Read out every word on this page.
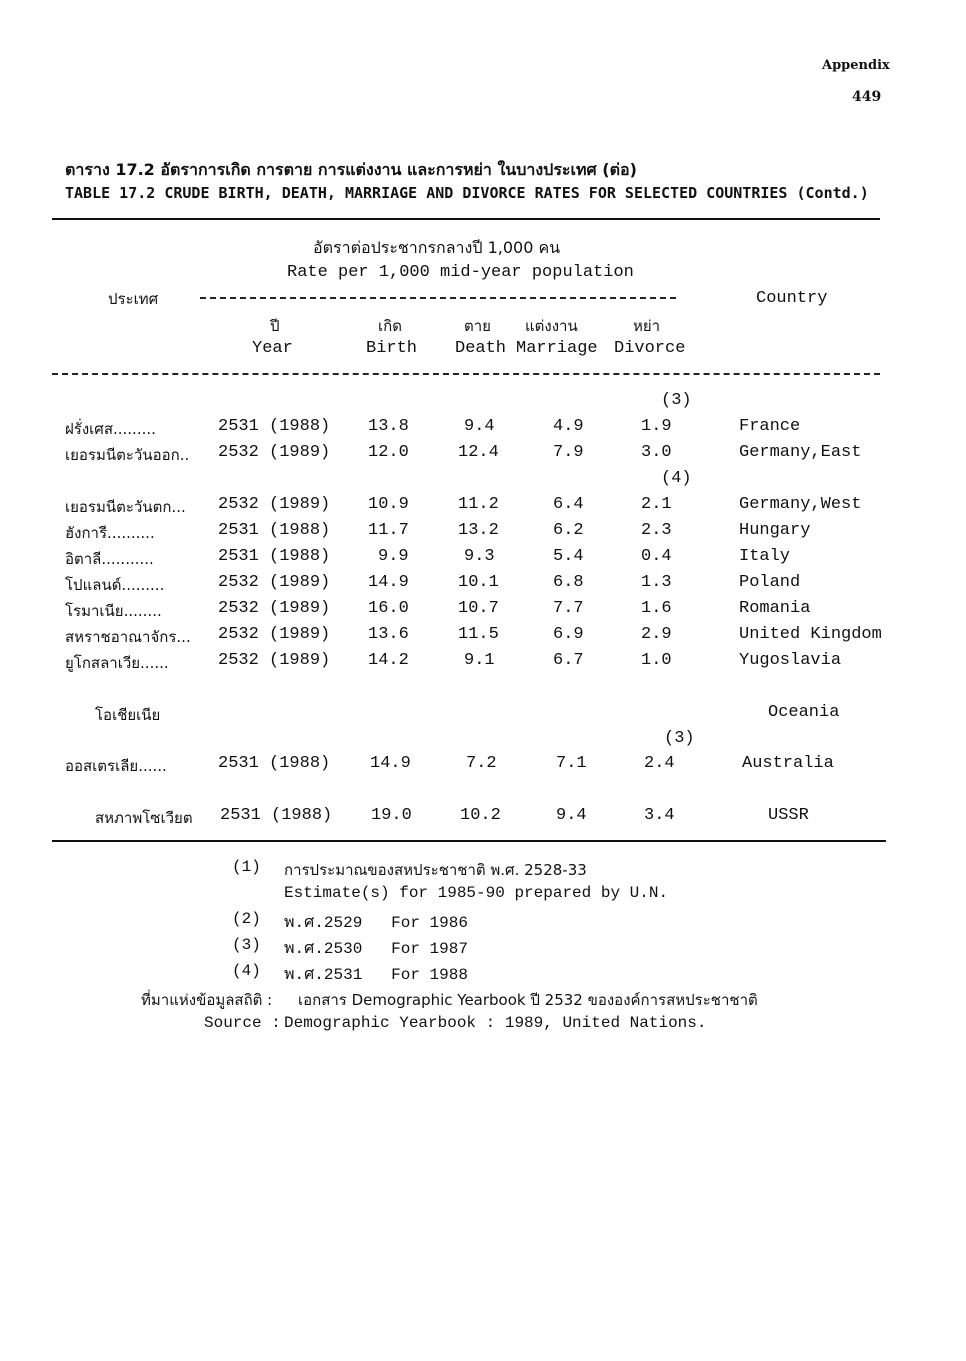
Appendix
449
ตาราง 17.2 อัตราการเกิด การตาย การแต่งงาน และการหย่า ในบางประเทศ (ต่อ)
TABLE 17.2 CRUDE BIRTH, DEATH, MARRIAGE AND DIVORCE RATES FOR SELECTED COUNTRIES (Contd.)
อัตราต่อประชากรกลางปี 1,000 คน
Rate per 1,000 mid-year population
ประเทศ	Country
ปี	เกิด	ตาย แต่งงาน	หย่า
Year	Birth Death Marriage Divorce
(3)
ฝรั่งเศส.........	2531 (1988) 13.8	9.4	4.9	1.9	France
เยอรมนีตะวันออก.. 2532 (1989) 12.0	12.4	7.9	3.0	Germany,East
(4)
เยอรมนีตะวันตก... 2532 (1989) 10.9	11.2	6.4	2.1	Germany,West
ฮังการี..........	2531 (1988) 11.7	13.2	6.2	2.3	Hungary
อิตาลี...........	2531 (1988)	9.9	9.3	5.4	0.4	Italy
โปแลนด์.........	2532 (1989) 14.9	10.1	6.8	1.3	Poland
โรมาเนีย........	2532 (1989) 16.0	10.7	7.7	1.6	Romania
สหราชอาณาจักร... 2532 (1989) 13.6	11.5	6.9	2.9	United Kingdom
ยูโกสลาเวีย......	2532 (1989) 14.2	9.1	6.7	1.0	Yugoslavia
โอเชียเนีย	Oceania
(3)
ออสเตรเลีย......	2531 (1988) 14.9	7.2	7.1	2.4	Australia
สหภาพโซเวียต 2531 (1988) 19.0	10.2	9.4	3.4	USSR
(1) การประมาณของสหประชาชาติ พ.ศ. 2528-33
Estimate(s) for 1985-90 prepared by U.N.
(2) พ.ศ.2529   For 1986
(3) พ.ศ.2530   For 1987
(4) พ.ศ.2531   For 1988
ที่มาแห่งข้อมูลสถิติ : เอกสาร Demographic Yearbook ปี 2532 ขององค์การสหประชาชาติ
Source : Demographic Yearbook : 1989, United Nations.
